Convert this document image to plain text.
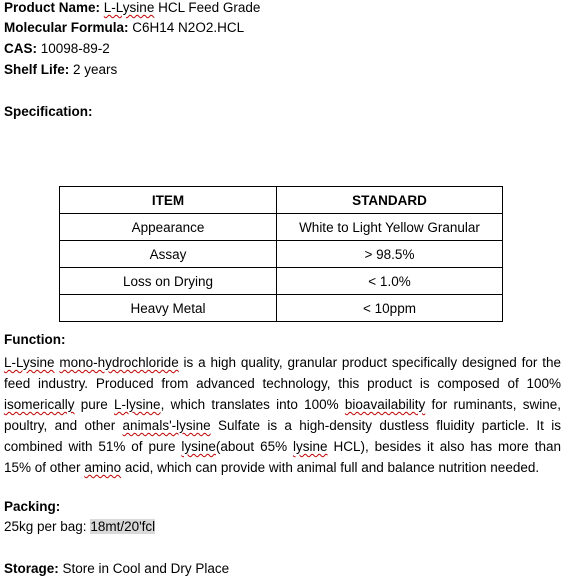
Product Name: L-Lysine HCL Feed Grade
Molecular Formula: C6H14 N2O2.HCL
CAS: 10098-89-2
Shelf Life: 2 years
Specification:
ITEM	STANDARD
Appearance	White to Light Yellow Granular
Assay	> 98.5%
Loss on Drying	< 1.0%
Heavy Metal	< 10ppm
Function:
L-Lysine mono-hydrochloride is a high quality, granular product specifically designed for the feed industry. Produced from advanced technology, this product is composed of 100% isomerically pure L-lysine, which translates into 100% bioavailability for ruminants, swine, poultry, and other animals'-lysine Sulfate is a high-density dustless fluidity particle. It is combined with 51% of pure lysine(about 65% lysine HCL), besides it also has more than 15% of other amino acid, which can provide with animal full and balance nutrition needed.
Packing:
25kg per bag: 18mt/20'fcl
Storage: Store in Cool and Dry Place
